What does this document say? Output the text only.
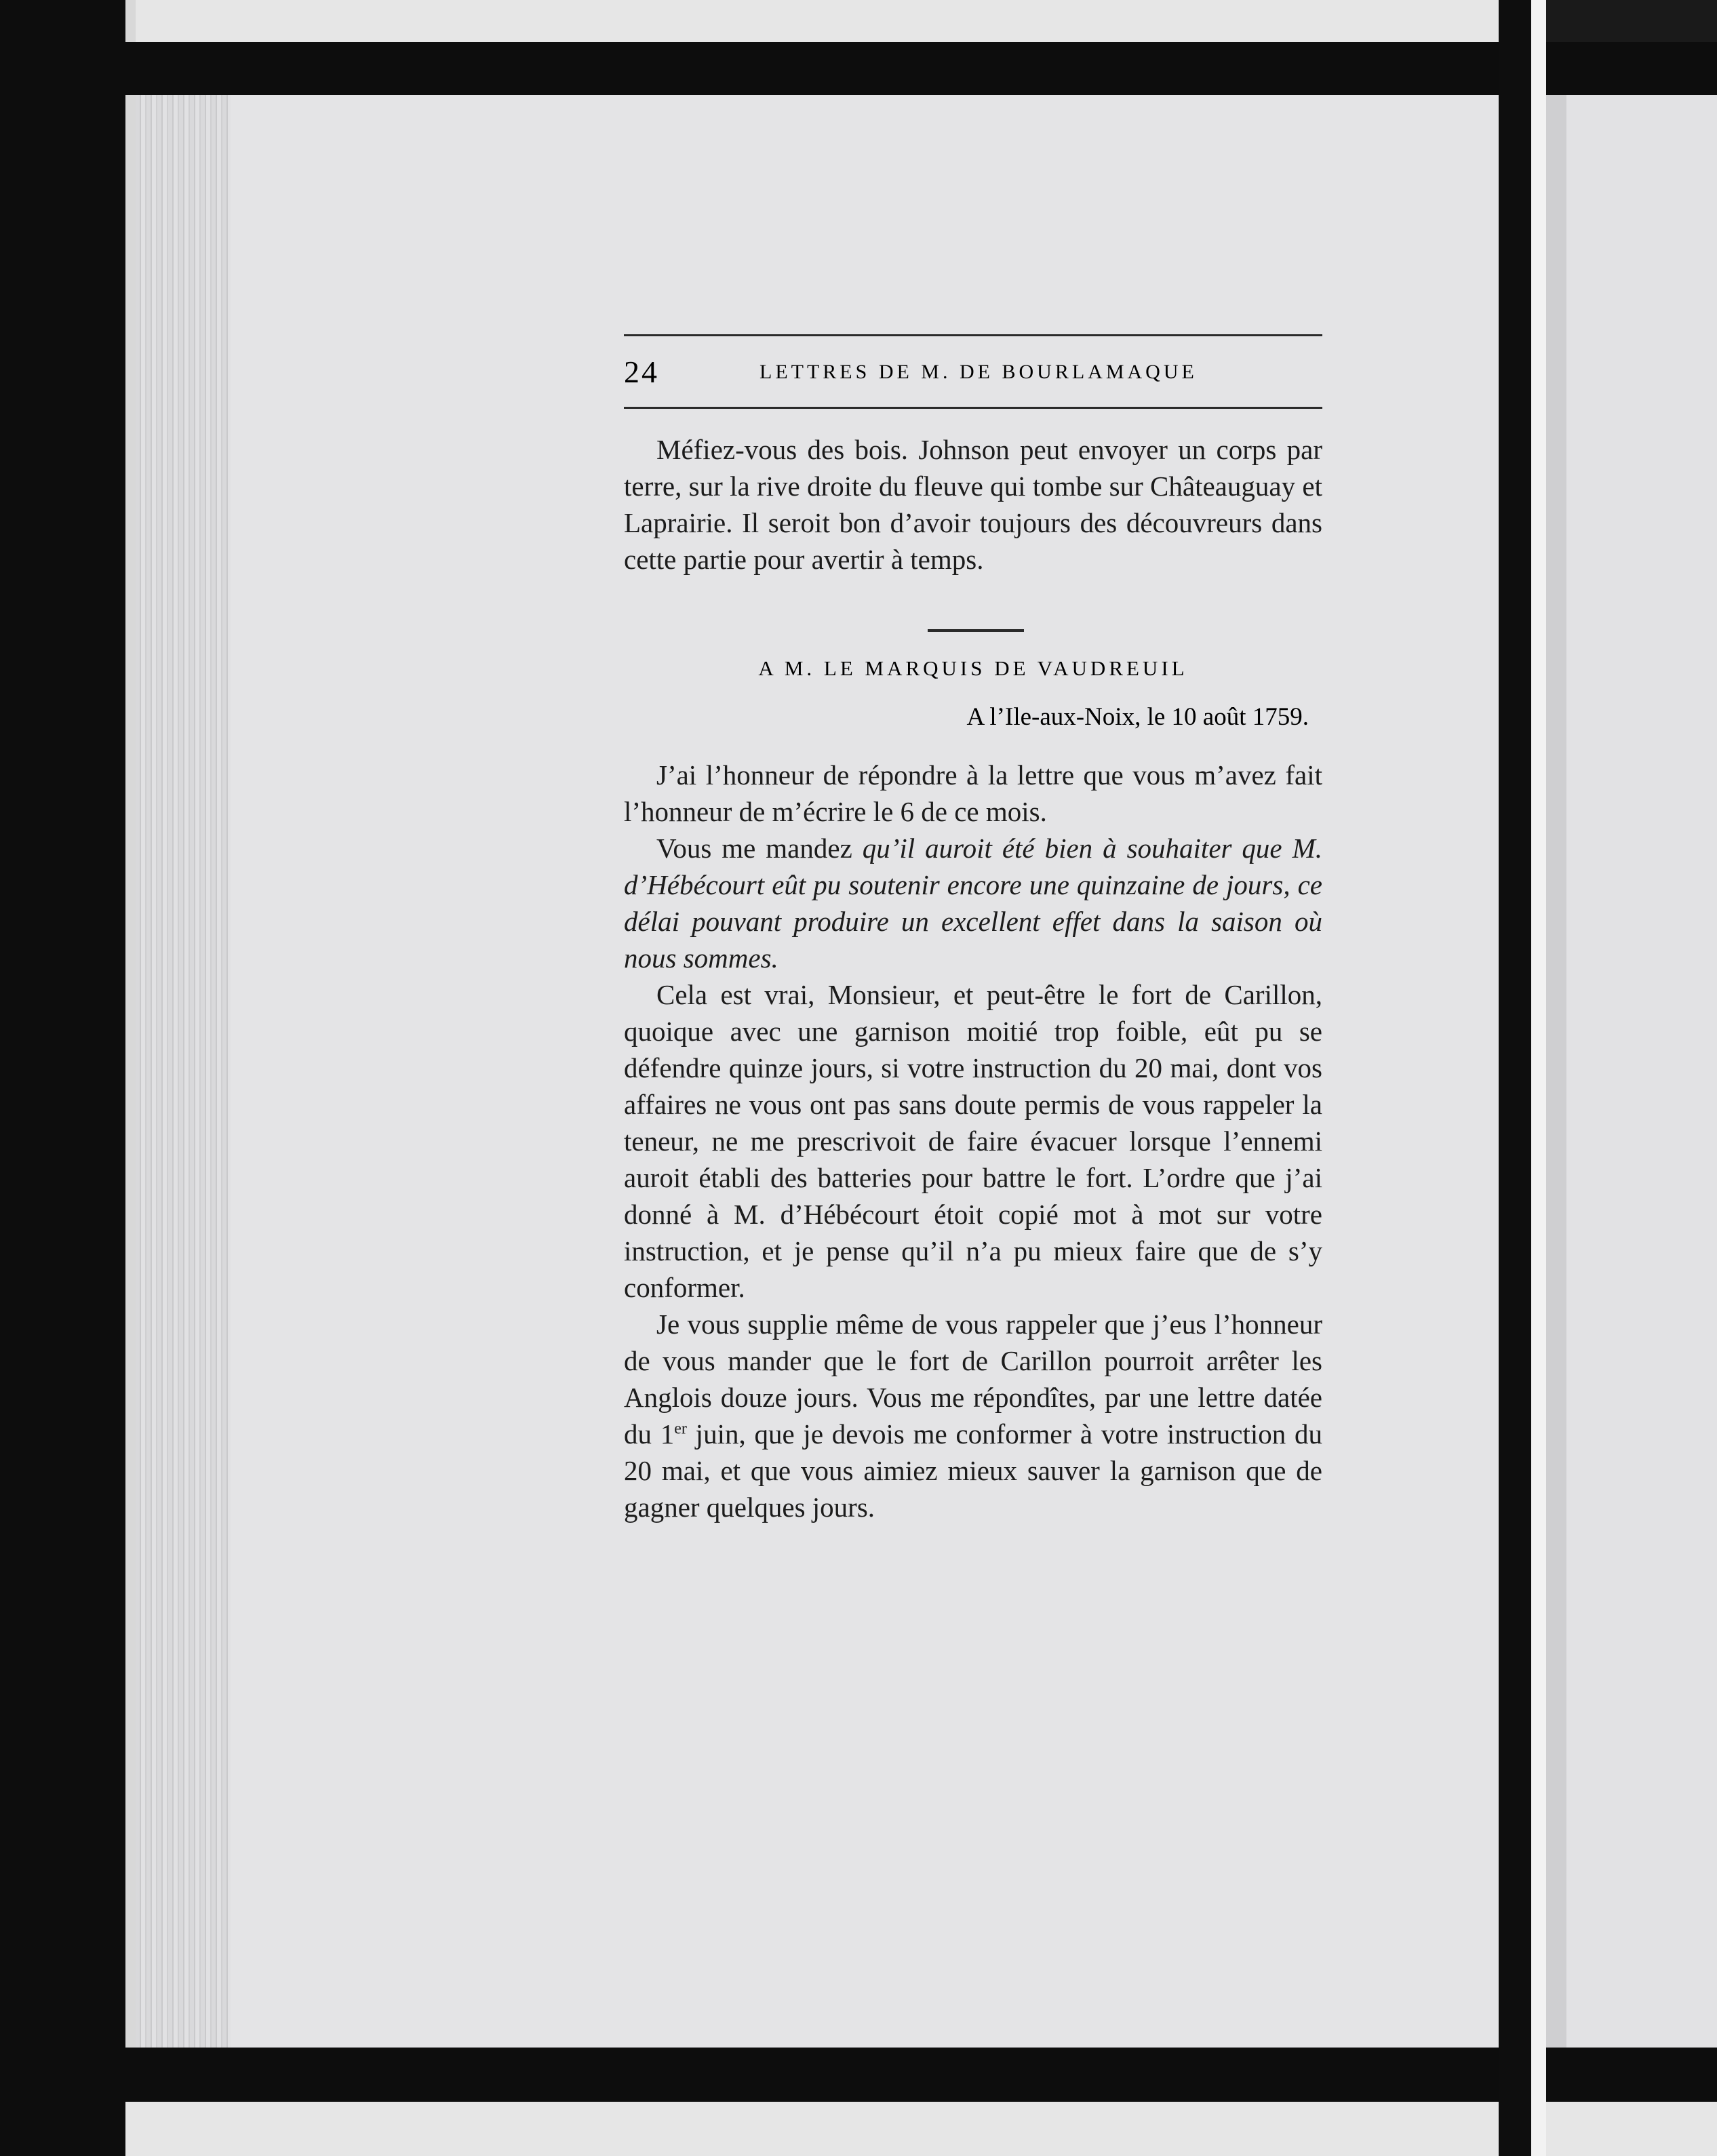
24	LETTRES DE M. DE BOURLAMAQUE

Méfiez-vous des bois. Johnson peut envoyer un corps par terre, sur la rive droite du fleuve qui tombe sur Châteauguay et Laprairie. Il seroit bon d’avoir toujours des découvreurs dans cette partie pour avertir à temps.

A M. LE MARQUIS DE VAUDREUIL
A l’Ile-aux-Noix, le 10 août 1759.

J’ai l’honneur de répondre à la lettre que vous m’avez fait l’honneur de m’écrire le 6 de ce mois.

Vous me mandez qu’il auroit été bien à souhaiter que M. d’Hébécourt eût pu soutenir encore une quinzaine de jours, ce délai pouvant produire un excellent effet dans la saison où nous sommes.

Cela est vrai, Monsieur, et peut-être le fort de Carillon, quoique avec une garnison moitié trop foible, eût pu se défendre quinze jours, si votre instruction du 20 mai, dont vos affaires ne vous ont pas sans doute permis de vous rappeler la teneur, ne me prescrivoit de faire évacuer lorsque l’ennemi auroit établi des batteries pour battre le fort. L’ordre que j’ai donné à M. d’Hébécourt étoit copié mot à mot sur votre instruction, et je pense qu’il n’a pu mieux faire que de s’y conformer.

Je vous supplie même de vous rappeler que j’eus l’honneur de vous mander que le fort de Carillon pourroit arrêter les Anglois douze jours. Vous me répondîtes, par une lettre datée du 1er juin, que je devois me conformer à votre instruction du 20 mai, et que vous aimiez mieux sauver la garnison que de gagner quelques jours.
